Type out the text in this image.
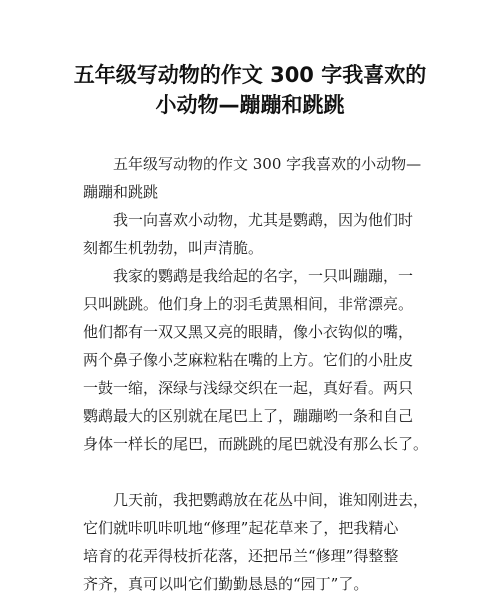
五年级写动物的作文 300 字我喜欢的
小动物—蹦蹦和跳跳
五年级写动物的作文 300 字我喜欢的小动物—
蹦蹦和跳跳
我一向喜欢小动物，尤其是鹦鹉，因为他们时
刻都生机勃勃，叫声清脆。
我家的鹦鹉是我给起的名字，一只叫蹦蹦，一
只叫跳跳。他们身上的羽毛黄黑相间，非常漂亮。
他们都有一双又黑又亮的眼睛，像小衣钩似的嘴，
两个鼻子像小芝麻粒粘在嘴的上方。它们的小肚皮
一鼓一缩，深绿与浅绿交织在一起，真好看。两只
鹦鹉最大的区别就在尾巴上了，蹦蹦哟一条和自己
身体一样长的尾巴，而跳跳的尾巴就没有那么长了。
几天前，我把鹦鹉放在花丛中间，谁知刚进去，
它们就咔叽咔叽地“修理”起花草来了，把我精心
培育的花弄得枝折花落，还把吊兰“修理”得整整
齐齐，真可以叫它们勤勤恳恳的“园丁”了。
